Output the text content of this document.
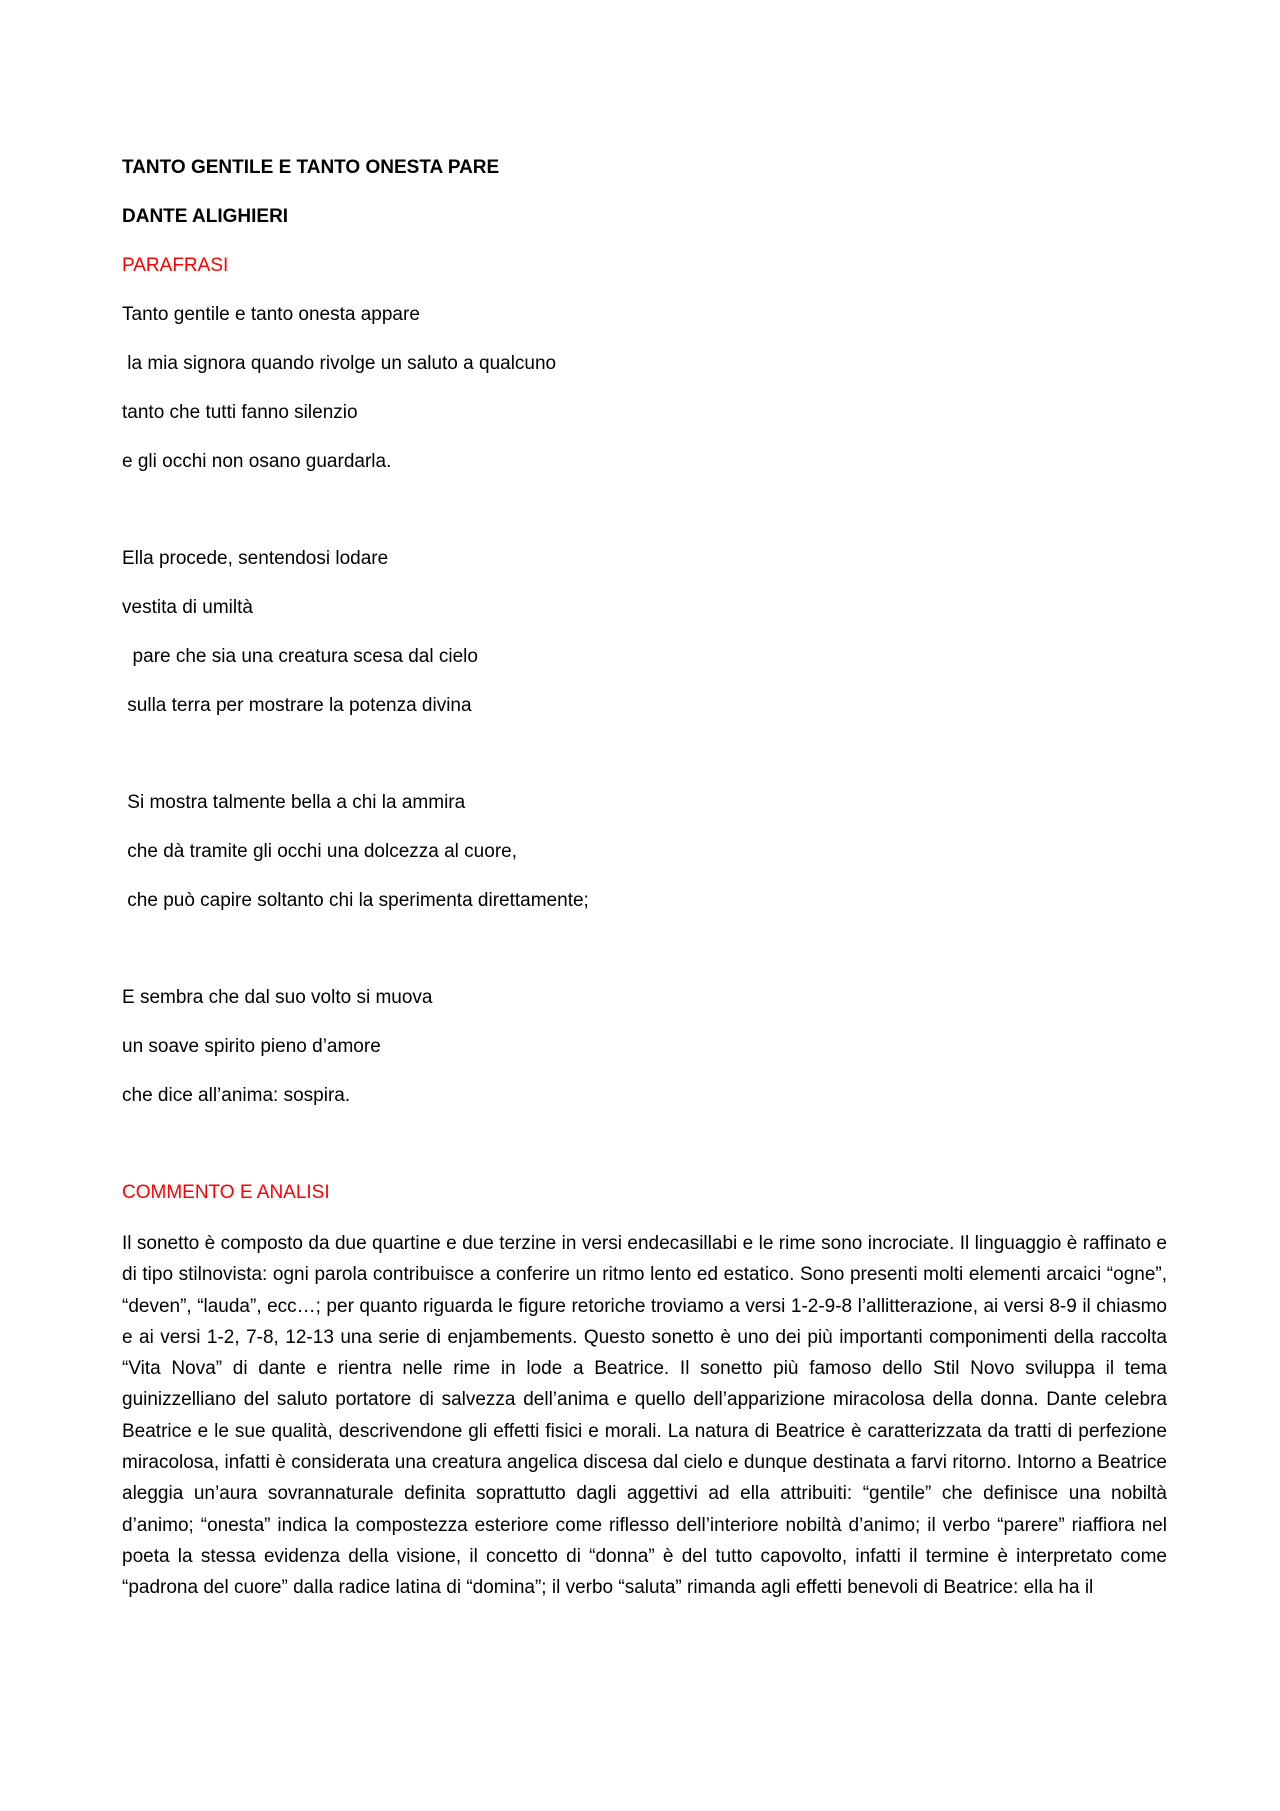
TANTO GENTILE E TANTO ONESTA PARE
DANTE ALIGHIERI
PARAFRASI
Tanto gentile e tanto onesta appare
la mia signora quando rivolge un saluto a qualcuno
tanto che tutti fanno silenzio
e gli occhi non osano guardarla.
Ella procede, sentendosi lodare
vestita di umiltà
pare che sia una creatura scesa dal cielo
sulla terra per mostrare la potenza divina
Si mostra talmente bella a chi la ammira
che dà tramite gli occhi una dolcezza al cuore,
che può capire soltanto chi la sperimenta direttamente;
E sembra che dal suo volto si muova
un soave spirito pieno d’amore
che dice all’anima: sospira.
COMMENTO E ANALISI

Il sonetto è composto da due quartine e due terzine in versi endecasillabi e le rime sono incrociate. Il linguaggio è raffinato e di tipo stilnovista: ogni parola contribuisce a conferire un ritmo lento ed estatico. Sono presenti molti elementi arcaici “ogne”, “deven”, “lauda”, ecc…; per quanto riguarda le figure retoriche troviamo a versi 1-2-9-8 l’allitterazione, ai versi 8-9 il chiasmo e ai versi 1-2, 7-8, 12-13 una serie di enjambements. Questo sonetto è uno dei più importanti componimenti della raccolta “Vita Nova” di dante e rientra nelle rime in lode a Beatrice. Il sonetto più famoso dello Stil Novo sviluppa il tema guinizzelliano del saluto portatore di salvezza dell’anima e quello dell’apparizione miracolosa della donna. Dante celebra Beatrice e le sue qualità, descrivendone gli effetti fisici e morali. La natura di Beatrice è caratterizzata da tratti di perfezione miracolosa, infatti è considerata una creatura angelica discesa dal cielo e dunque destinata a farvi ritorno. Intorno a Beatrice aleggia un’aura sovrannaturale definita soprattutto dagli aggettivi ad ella attribuiti: “gentile” che definisce una nobiltà d’animo; “onesta” indica la compostezza esteriore come riflesso dell’interiore nobiltà d’animo; il verbo “parere” riaffiora nel poeta la stessa evidenza della visione, il concetto di “donna” è del tutto capovolto, infatti il termine è interpretato come “padrona del cuore” dalla radice latina di “domina”; il verbo “saluta” rimanda agli effetti benevoli di Beatrice: ella ha il
